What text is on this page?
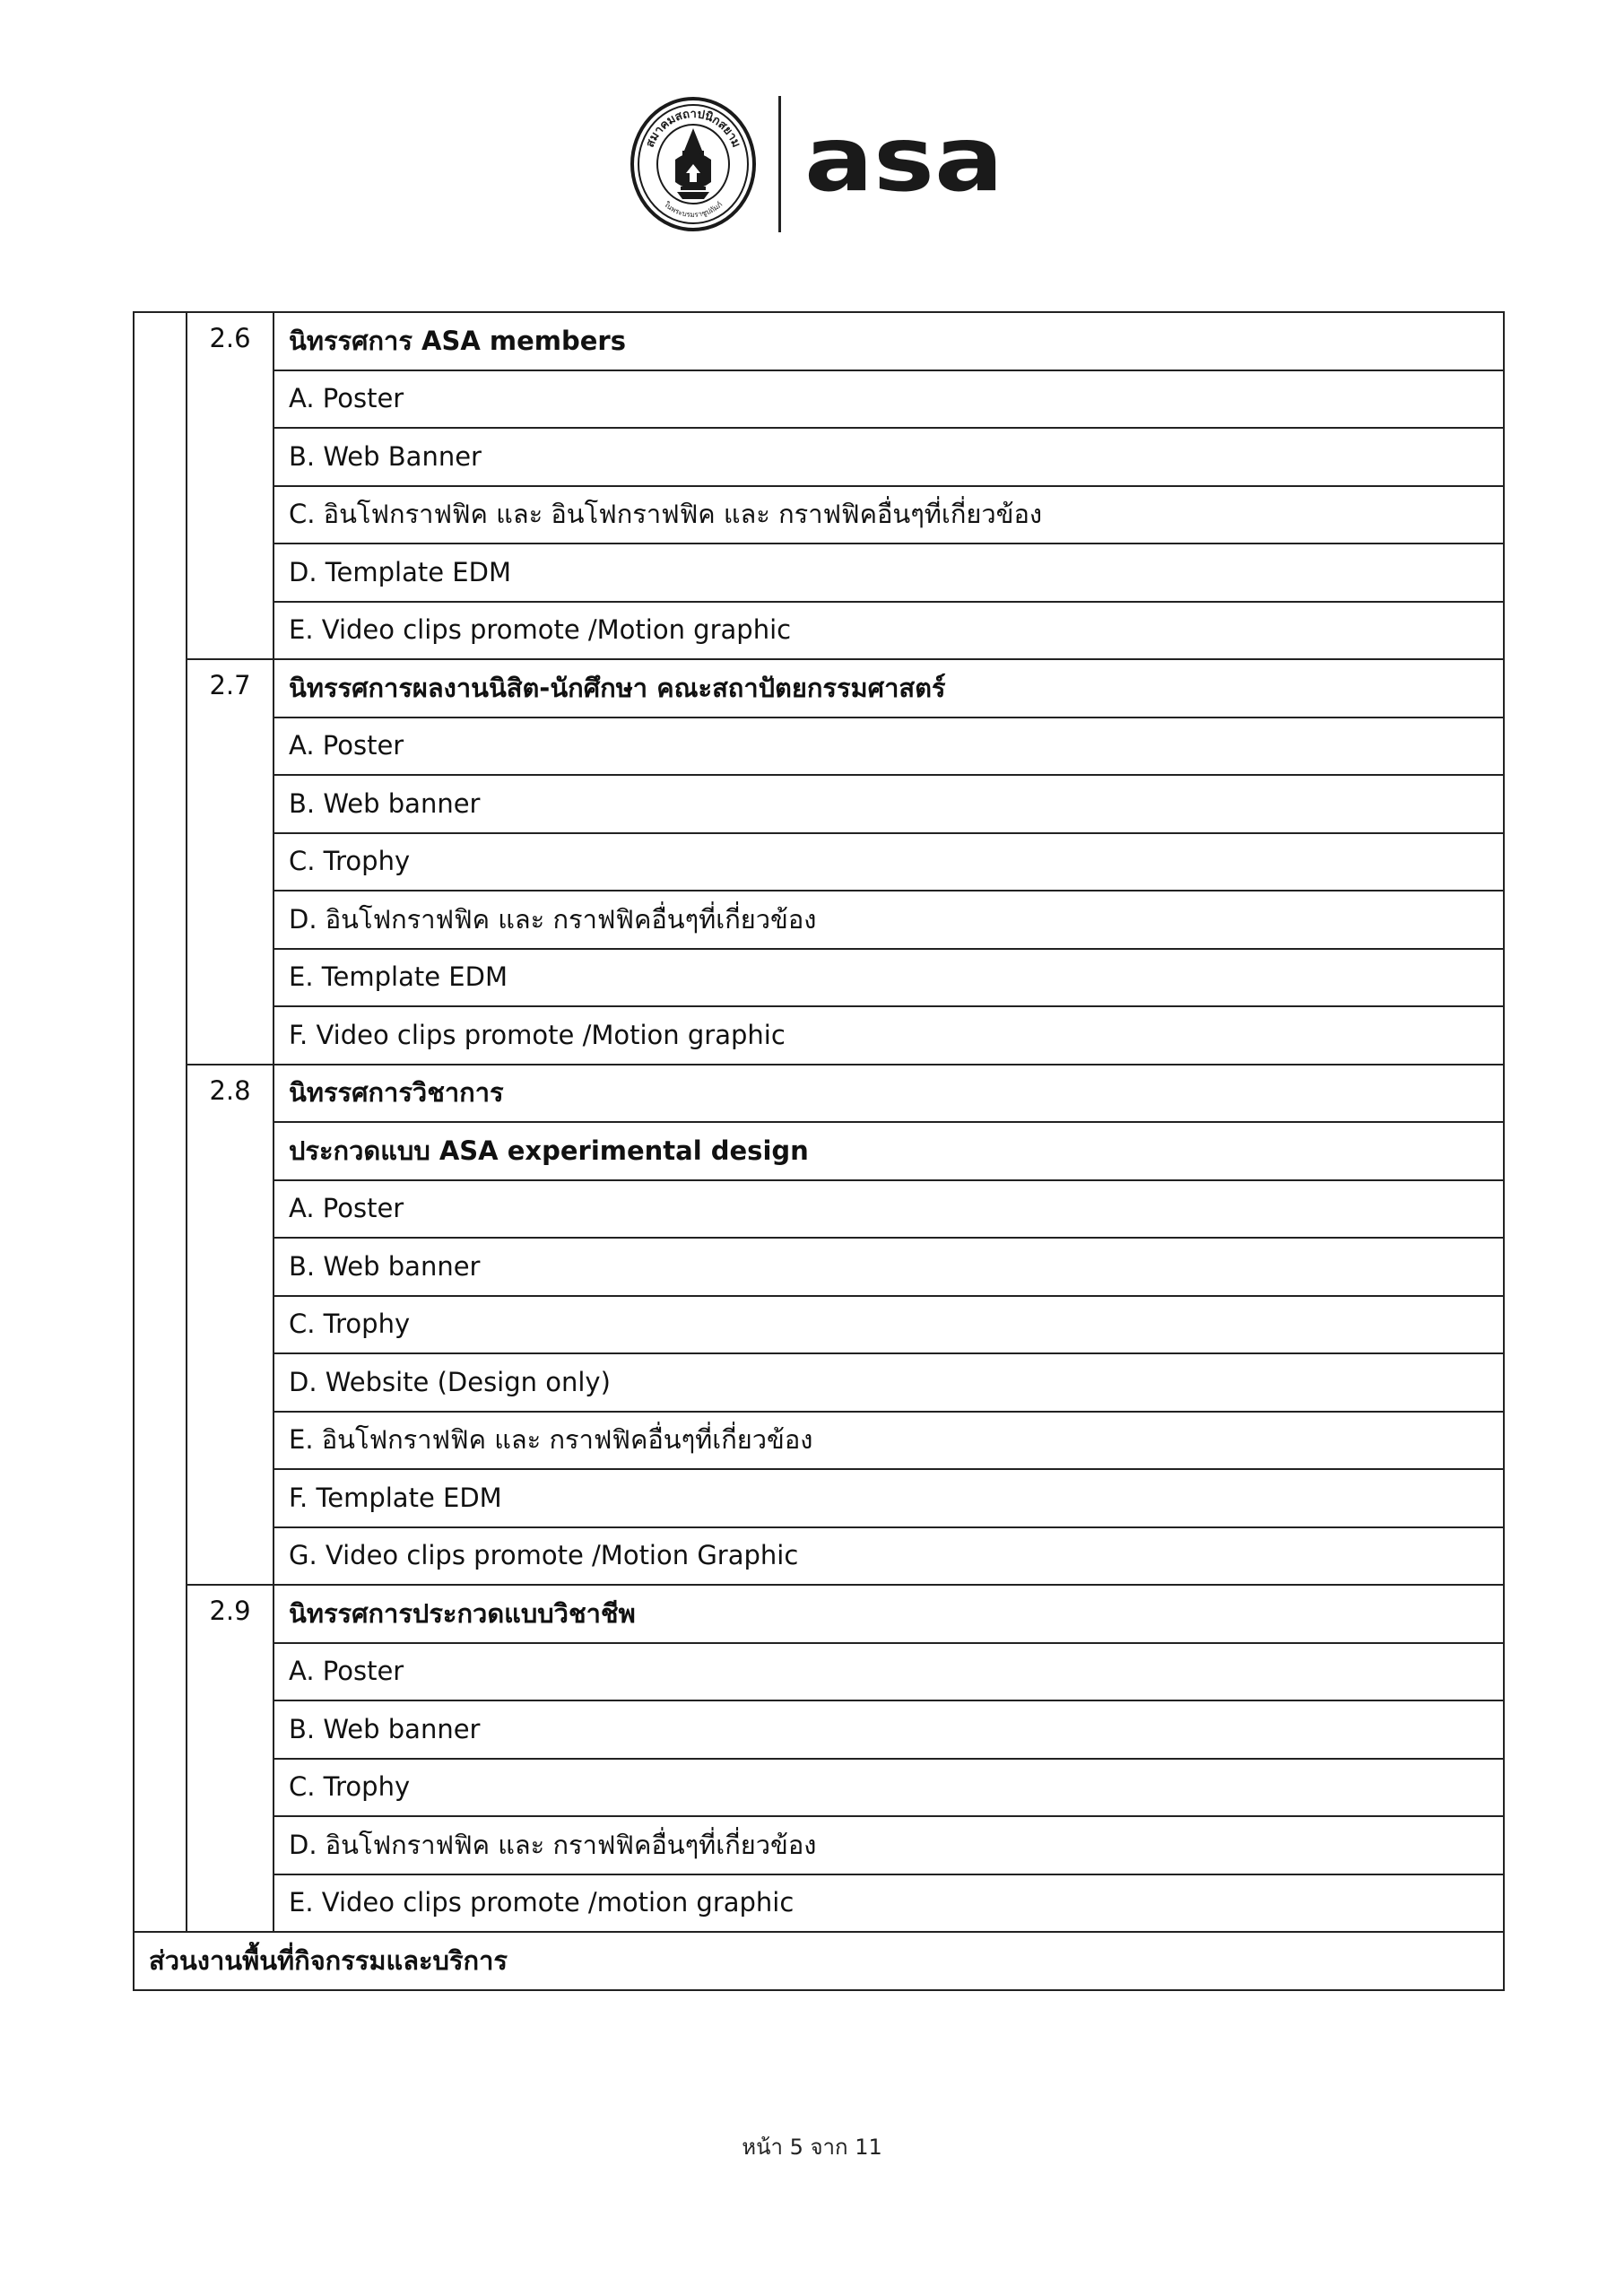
สมาคมสถาปนิกสยาม
ในพระบรมราชูปถัมภ์ asa
	2.6	นิทรรศการ ASA members
		A. Poster
		B. Web Banner
		C. อินโฟกราฟฟิค และ อินโฟกราฟฟิค และ กราฟฟิคอื่นๆที่เกี่ยวข้อง
		D. Template EDM
		E. Video clips promote /Motion graphic
	2.7	นิทรรศการผลงานนิสิต-นักศึกษา คณะสถาปัตยกรรมศาสตร์
		A. Poster
		B. Web banner
		C. Trophy
		D. อินโฟกราฟฟิค และ กราฟฟิคอื่นๆที่เกี่ยวข้อง
		E. Template EDM
		F. Video clips promote /Motion graphic
	2.8	นิทรรศการวิชาการ
		ประกวดแบบ ASA experimental design
		A. Poster
		B. Web banner
		C. Trophy
		D. Website (Design only)
		E. อินโฟกราฟฟิค และ กราฟฟิคอื่นๆที่เกี่ยวข้อง
		F. Template EDM
		G. Video clips promote /Motion Graphic
	2.9	นิทรรศการประกวดแบบวิชาชีพ
		A. Poster
		B. Web banner
		C. Trophy
		D. อินโฟกราฟฟิค และ กราฟฟิคอื่นๆที่เกี่ยวข้อง
		E. Video clips promote /motion graphic
ส่วนงานพื้นที่กิจกรรมและบริการ		
หน้า 5 จาก 11
